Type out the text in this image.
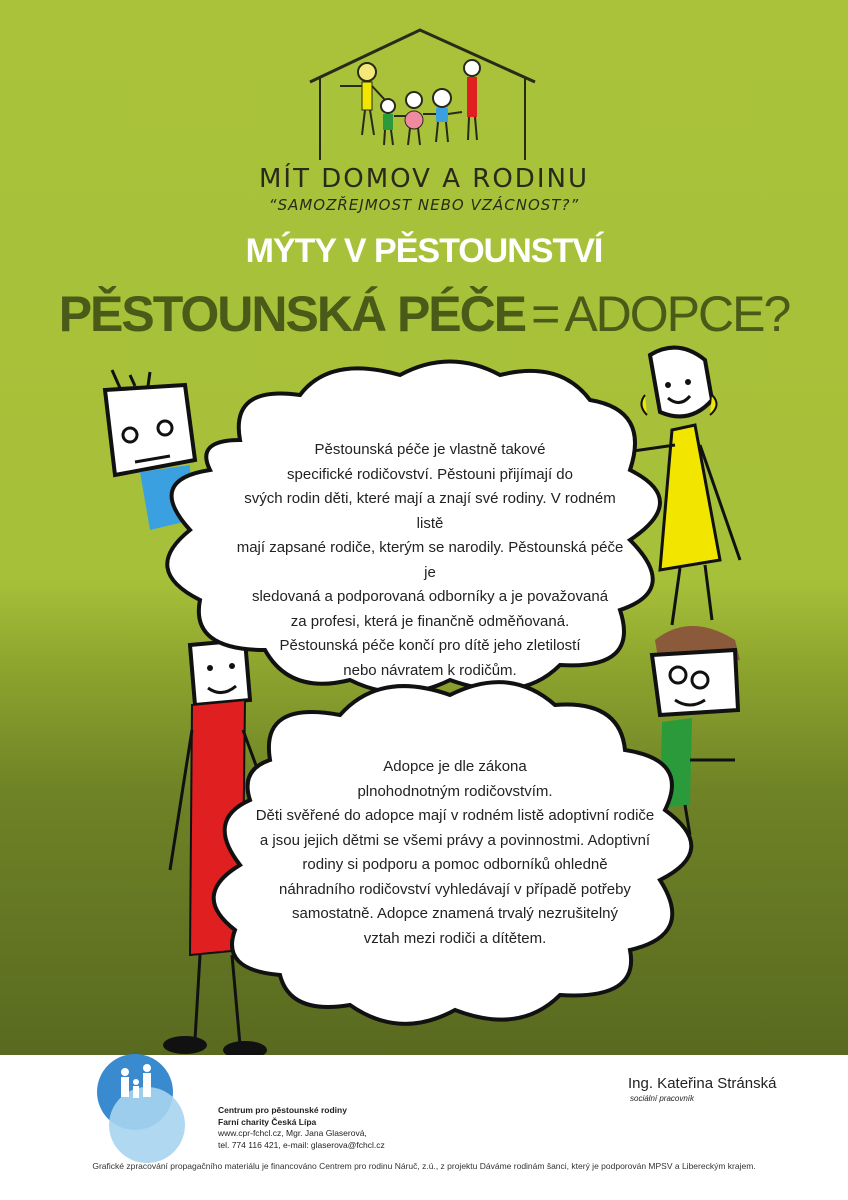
MÍT DOMOV A RODINU
“SAMOZŘEJMOST NEBO VZÁCNOST?”
MÝTY V PĚSTOUNSTVÍ
PĚSTOUNSKÁ PÉČE = ADOPCE?

Pěstounská péče je vlastně takové

specifické rodičovství. Pěstouni přijímají do

svých rodin děti, které mají a znají své rodiny. V rodném listě

mají zapsané rodiče, kterým se narodily. Pěstounská péče je

sledovaná a podporovaná odborníky a je považovaná

za profesi, která je finančně odměňovaná.

Pěstounská péče končí pro dítě jeho zletilostí

nebo návratem k rodičům.

Adopce je dle zákona

plnohodnotným rodičovstvím.

Děti svěřené do adopce mají v rodném listě adoptivní rodiče

a jsou jejich dětmi se všemi právy a povinnostmi. Adoptivní

rodiny si podporu a pomoc odborníků ohledně

náhradního rodičovství vyhledávají v případě potřeby

samostatně. Adopce znamená trvalý nezrušitelný

vztah mezi rodiči a dítětem.

Centrum pro pěstounské rodiny
Farní charity Česká Lípa
www.cpr-fchcl.cz, Mgr. Jana Glaserová,
tel. 774 116 421, e-mail: glaserova@fchcl.cz
Ing. Kateřina Stránská
sociální pracovník
Grafické zpracování propagačního materiálu je financováno Centrem pro rodinu Náruč, z.ú., z projektu Dáváme rodinám šanci, který je podporován MPSV a Libereckým krajem.
